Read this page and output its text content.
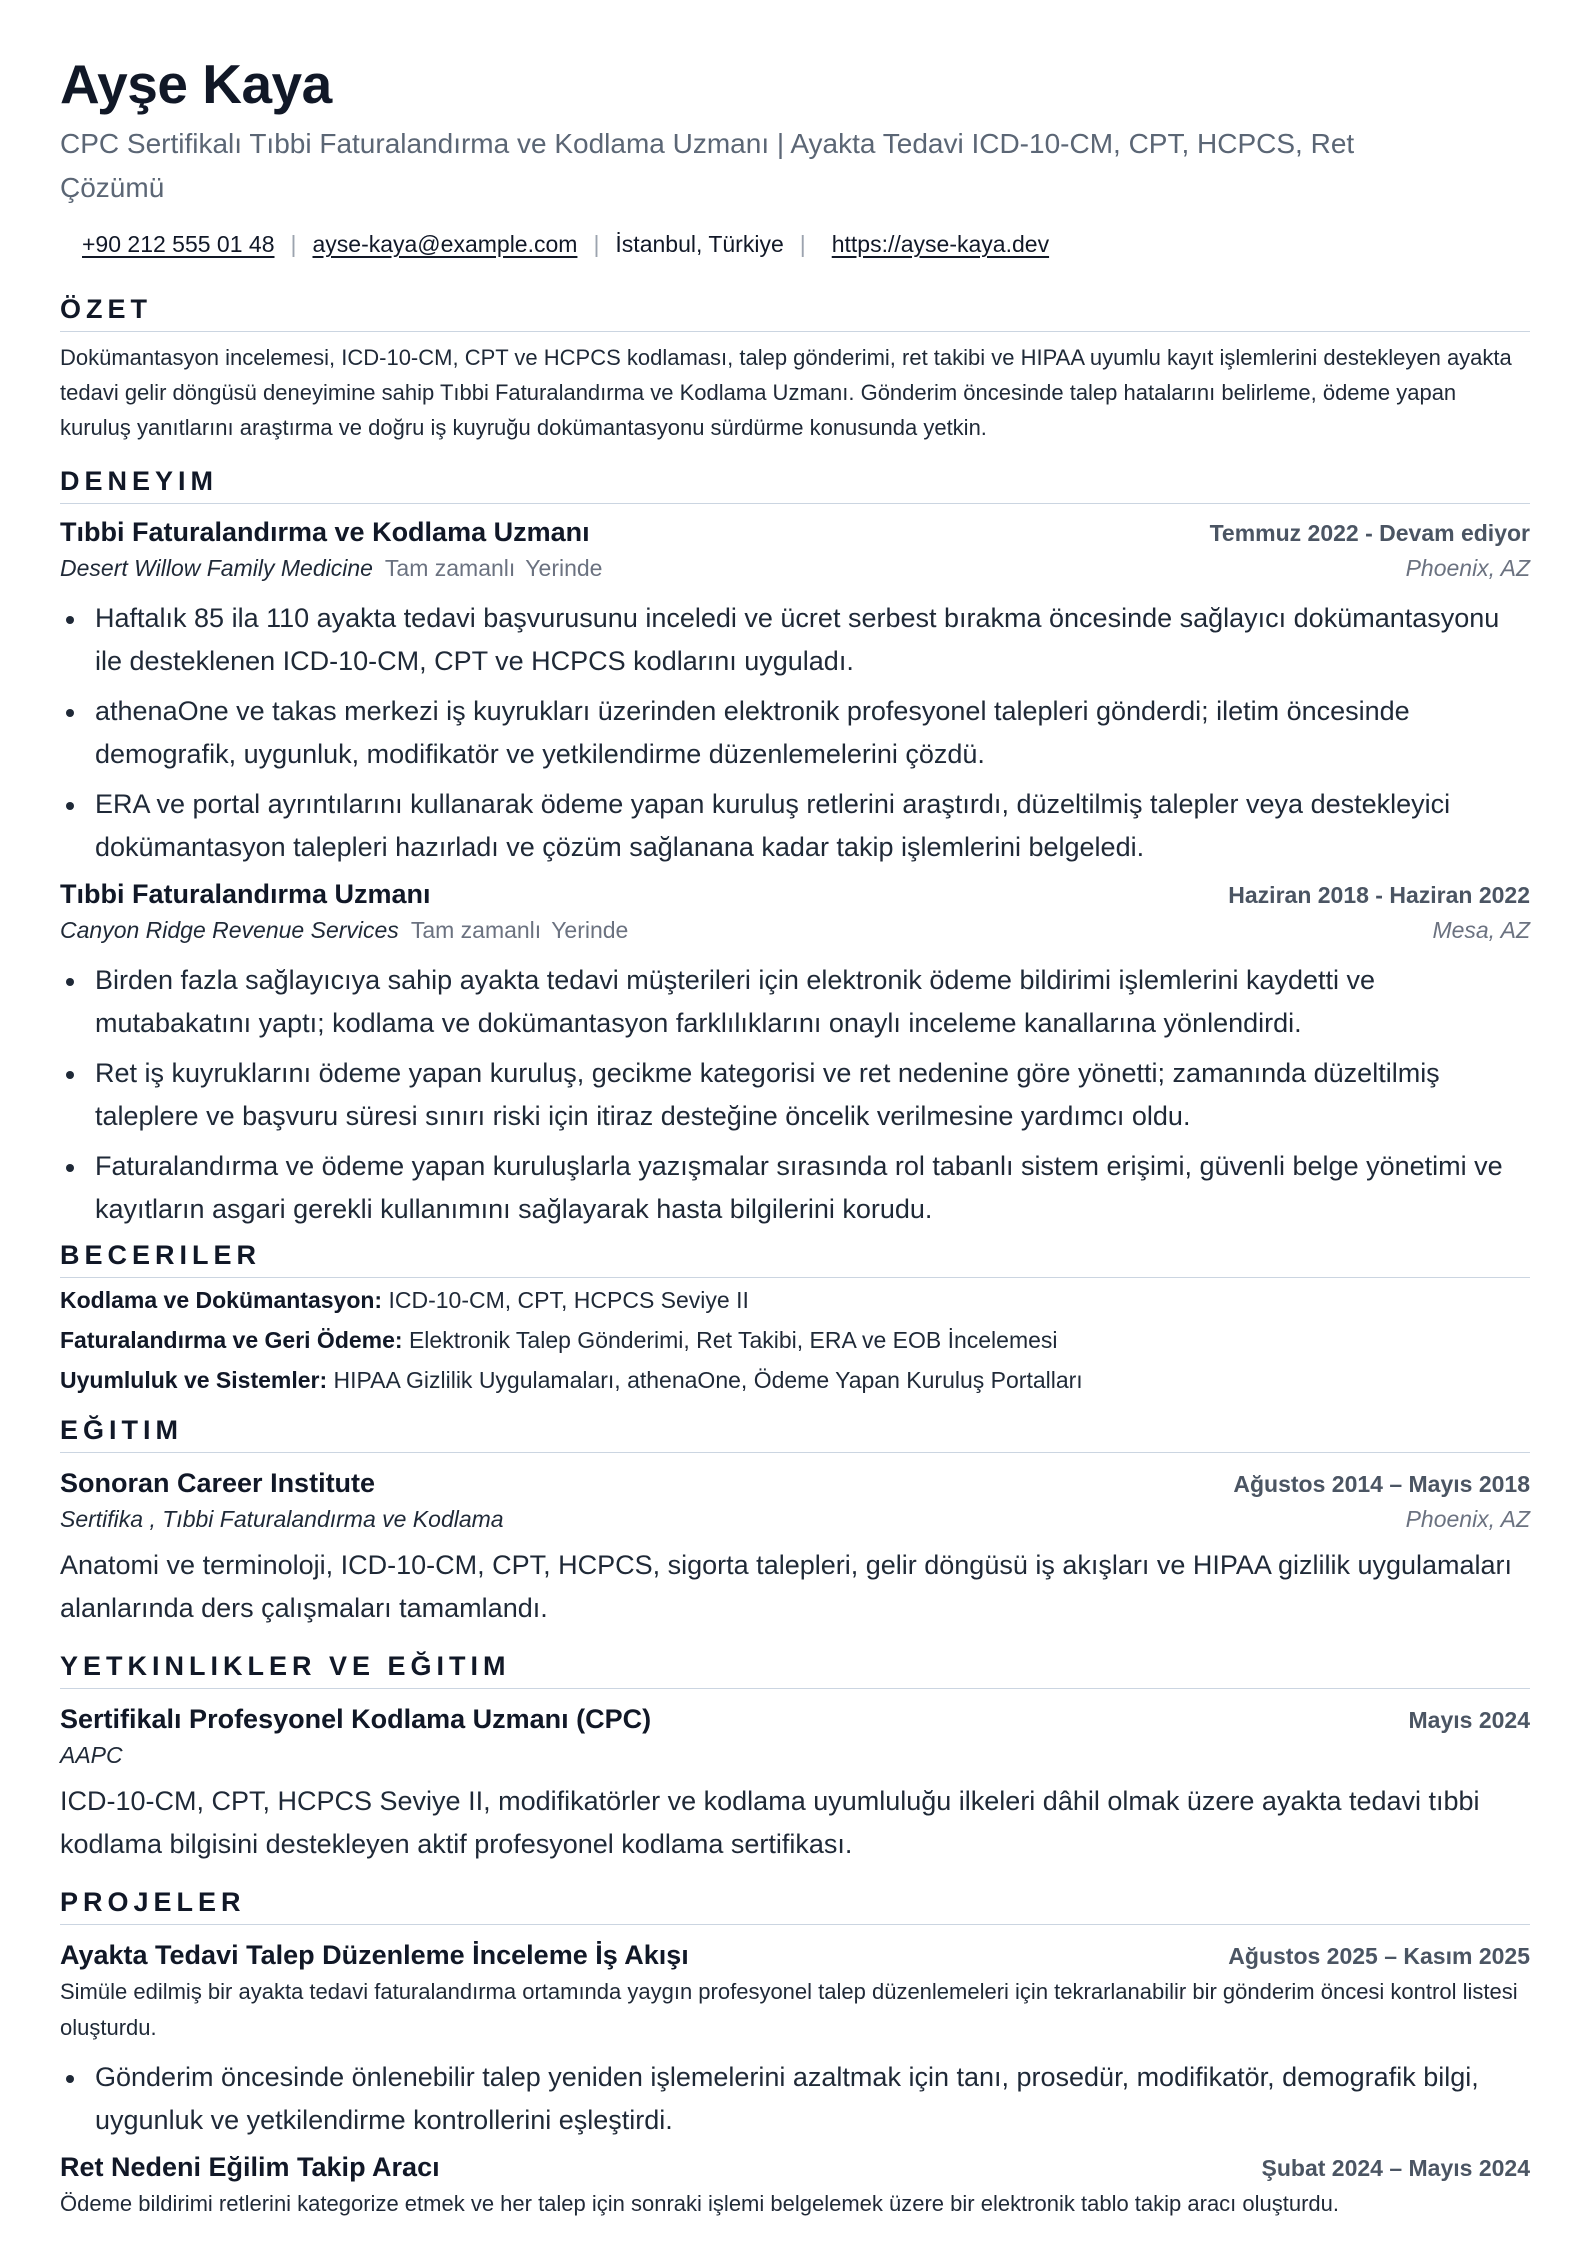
Ayşe Kaya
CPC Sertifikalı Tıbbi Faturalandırma ve Kodlama Uzmanı | Ayakta Tedavi ICD-10-CM, CPT, HCPCS, Ret Çözümü
+90 212 555 01 48 | ayse-kaya@example.com | İstanbul, Türkiye | https://ayse-kaya.dev
ÖZET
Dokümantasyon incelemesi, ICD-10-CM, CPT ve HCPCS kodlaması, talep gönderimi, ret takibi ve HIPAA uyumlu kayıt işlemlerini destekleyen ayakta tedavi gelir döngüsü deneyimine sahip Tıbbi Faturalandırma ve Kodlama Uzmanı. Gönderim öncesinde talep hatalarını belirleme, ödeme yapan kuruluş yanıtlarını araştırma ve doğru iş kuyruğu dokümantasyonu sürdürme konusunda yetkin.
DENEYIM
Tıbbi Faturalandırma ve Kodlama Uzmanı	Temmuz 2022 - Devam ediyor
Desert Willow Family Medicine Tam zamanlı Yerinde	Phoenix, AZ
Haftalık 85 ila 110 ayakta tedavi başvurusunu inceledi ve ücret serbest bırakma öncesinde sağlayıcı dokümantasyonu ile desteklenen ICD-10-CM, CPT ve HCPCS kodlarını uyguladı.
athenaOne ve takas merkezi iş kuyrukları üzerinden elektronik profesyonel talepleri gönderdi; iletim öncesinde demografik, uygunluk, modifikatör ve yetkilendirme düzenlemelerini çözdü.
ERA ve portal ayrıntılarını kullanarak ödeme yapan kuruluş retlerini araştırdı, düzeltilmiş talepler veya destekleyici dokümantasyon talepleri hazırladı ve çözüm sağlanana kadar takip işlemlerini belgeledi.
Tıbbi Faturalandırma Uzmanı	Haziran 2018 - Haziran 2022
Canyon Ridge Revenue Services Tam zamanlı Yerinde	Mesa, AZ
Birden fazla sağlayıcıya sahip ayakta tedavi müşterileri için elektronik ödeme bildirimi işlemlerini kaydetti ve mutabakatını yaptı; kodlama ve dokümantasyon farklılıklarını onaylı inceleme kanallarına yönlendirdi.
Ret iş kuyruklarını ödeme yapan kuruluş, gecikme kategorisi ve ret nedenine göre yönetti; zamanında düzeltilmiş taleplere ve başvuru süresi sınırı riski için itiraz desteğine öncelik verilmesine yardımcı oldu.
Faturalandırma ve ödeme yapan kuruluşlarla yazışmalar sırasında rol tabanlı sistem erişimi, güvenli belge yönetimi ve kayıtların asgari gerekli kullanımını sağlayarak hasta bilgilerini korudu.
BECERILER
Kodlama ve Dokümantasyon: ICD-10-CM, CPT, HCPCS Seviye II
Faturalandırma ve Geri Ödeme: Elektronik Talep Gönderimi, Ret Takibi, ERA ve EOB İncelemesi
Uyumluluk ve Sistemler: HIPAA Gizlilik Uygulamaları, athenaOne, Ödeme Yapan Kuruluş Portalları
EĞITIM
Sonoran Career Institute	Ağustos 2014 – Mayıs 2018
Sertifika , Tıbbi Faturalandırma ve Kodlama	Phoenix, AZ
Anatomi ve terminoloji, ICD-10-CM, CPT, HCPCS, sigorta talepleri, gelir döngüsü iş akışları ve HIPAA gizlilik uygulamaları alanlarında ders çalışmaları tamamlandı.
YETKINLIKLER VE EĞITIM
Sertifikalı Profesyonel Kodlama Uzmanı (CPC)	Mayıs 2024
AAPC
ICD-10-CM, CPT, HCPCS Seviye II, modifikatörler ve kodlama uyumluluğu ilkeleri dâhil olmak üzere ayakta tedavi tıbbi kodlama bilgisini destekleyen aktif profesyonel kodlama sertifikası.
PROJELER
Ayakta Tedavi Talep Düzenleme İnceleme İş Akışı	Ağustos 2025 – Kasım 2025
Simüle edilmiş bir ayakta tedavi faturalandırma ortamında yaygın profesyonel talep düzenlemeleri için tekrarlanabilir bir gönderim öncesi kontrol listesi oluşturdu.
Gönderim öncesinde önlenebilir talep yeniden işlemelerini azaltmak için tanı, prosedür, modifikatör, demografik bilgi, uygunluk ve yetkilendirme kontrollerini eşleştirdi.
Ret Nedeni Eğilim Takip Aracı	Şubat 2024 – Mayıs 2024
Ödeme bildirimi retlerini kategorize etmek ve her talep için sonraki işlemi belgelemek üzere bir elektronik tablo takip aracı oluşturdu.
